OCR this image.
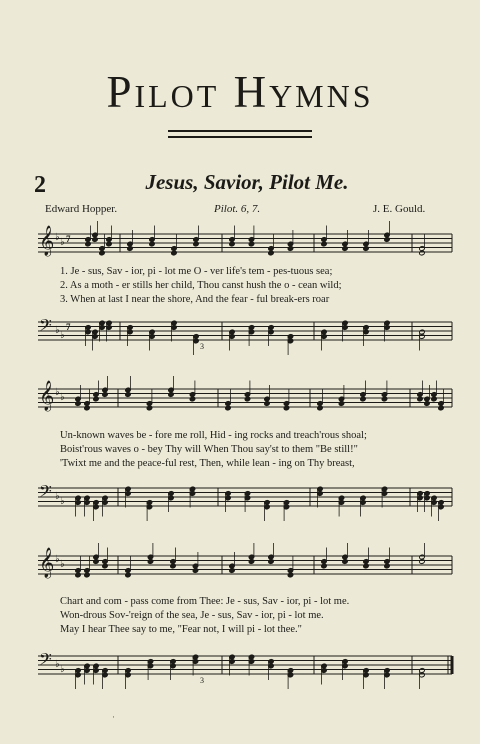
Pilot Hymns
2	Jesus, Savior, Pilot Me.
Edward Hopper.	Pilot. 6, 7.	J. E. Gould.
𝄞 ♭ ♭ 7
1. Je - sus, Sav - ior, pi - lot me O - ver life's tem - pes-tuous sea;
2. As a moth - er stills her child, Thou canst hush the o - cean wild;
3. When at last I near the shore, And the fear - ful break-ers roar
𝄢 ♭ ♭
7
3
𝄞 ♭ ♭
Un-known waves be - fore me roll, Hid - ing rocks and treach'rous shoal;
Boist'rous waves o - bey Thy will When Thou say'st to them "Be still!"
'Twixt me and the peace-ful rest, Then, while lean - ing on Thy breast,
𝄢 ♭ ♭
𝄞 ♭ ♭
Chart and com - pass come from Thee: Je - sus, Sav - ior, pi - lot me.
Won-drous Sov-'reign of the sea, Je - sus, Sav - ior, pi - lot me.
May I hear Thee say to me, "Fear not, I will pi - lot thee."
𝄢 ♭ ♭
3
·
